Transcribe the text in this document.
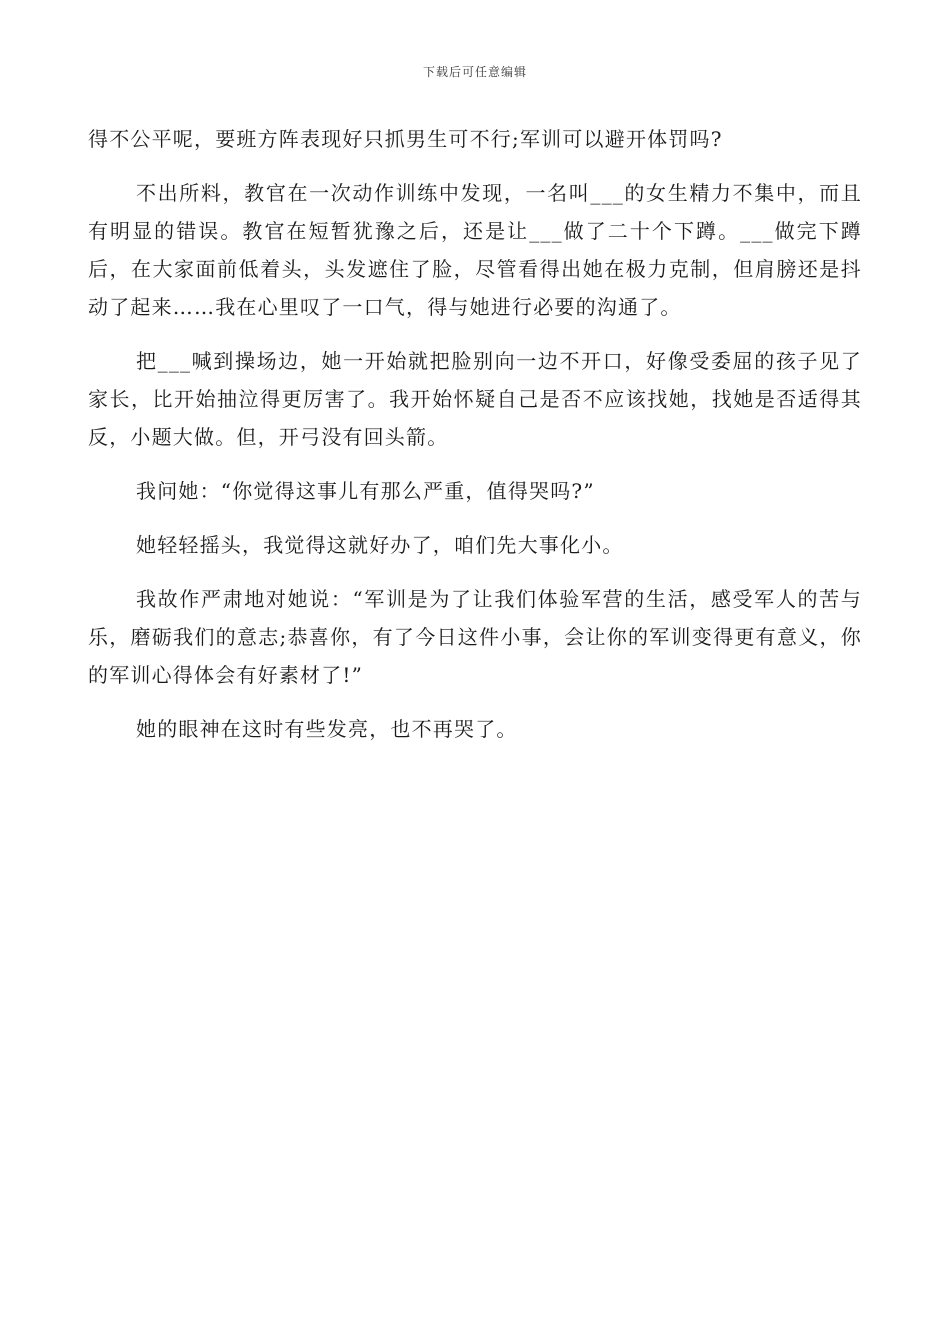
下载后可任意编辑

得不公平呢，要班方阵表现好只抓男生可不行;军训可以避开体罚吗?

不出所料，教官在一次动作训练中发现，一名叫___的女生精力不集中，而且有明显的错误。教官在短暂犹豫之后，还是让___做了二十个下蹲。___做完下蹲后，在大家面前低着头，头发遮住了脸，尽管看得出她在极力克制，但肩膀还是抖动了起来……我在心里叹了一口气，得与她进行必要的沟通了。

把___喊到操场边，她一开始就把脸别向一边不开口，好像受委屈的孩子见了家长，比开始抽泣得更厉害了。我开始怀疑自己是否不应该找她，找她是否适得其反，小题大做。但，开弓没有回头箭。

我问她：“你觉得这事儿有那么严重，值得哭吗?”

她轻轻摇头，我觉得这就好办了，咱们先大事化小。

我故作严肃地对她说：“军训是为了让我们体验军营的生活，感受军人的苦与乐，磨砺我们的意志;恭喜你，有了今日这件小事，会让你的军训变得更有意义，你的军训心得体会有好素材了!”

她的眼神在这时有些发亮，也不再哭了。
